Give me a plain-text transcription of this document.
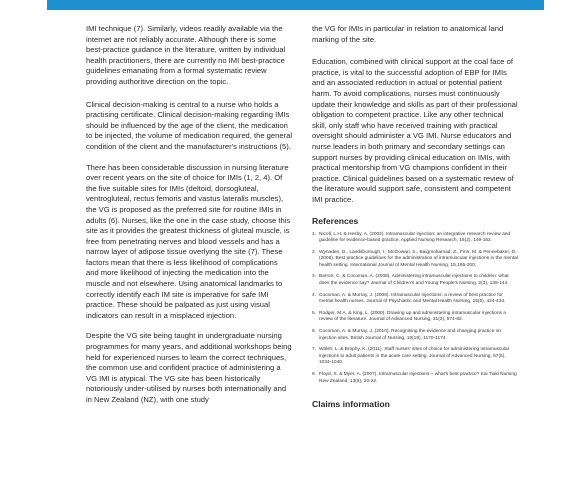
IMI technique (7). Similarly, videos readily available via the internet are not reliably accurate. Although there is some best-practice guidance in the literature, written by individual health practitioners, there are currently no IMI best-practice guidelines emanating from a formal systematic review providing authoritive direction on the topic.

Clinical decision-making is central to a nurse who holds a practising certificate. Clinical decision-making regarding IMIs should be influenced by the age of the client, the medication to be injected, the volume of medication required, the general condition of the client and the manufacturer's instructions (5).

There has been considerable discussion in nursing literature over recent years on the site of choice for IMIs (1, 2, 4). Of the five suitable sites for IMIs (deltoid, dorsogluteal, ventrogluteal, rectus femoris and vastus lateralis muscles), the VG is proposed as the preferred site for routine IMIs in adults (6). Nurses, like the one in the case study, choose this site as it provides the greatest thickness of gluteal muscle, is free from penetrating nerves and blood vessels and has a narrow layer of adipose tissue overlying the site (7). These factors mean that there is less likelihood of complications and more likelihood of injecting the medication into the muscle and not elsewhere. Using anatomical landmarks to correctly identify each IM site is imperative for safe IMI practice. These should be palpated as just using visual indicators can result in a misplaced injection.

Despite the VG site being taught in undergraduate nursing programmes for many years, and additional workshops being held for experienced nurses to learn the correct techniques, the common use and confident practice of administering a VG IMI is atypical. The VG site has been historically notoriously under-utilised by nurses both internationally and in New Zealand (NZ), with one study

the VG for IMIs in particular in relation to anatomical land marking of the site.

Education, combined with clinical support at the coal face of practice, is vital to the successful adoption of EBP for IMIs and an associated reduction in actual or potential patient harm. To avoid complications, nurses must continuously update their knowledge and skills as part of their professional obligation to competent practice. Like any other technical skill, only staff who have received training with practical oversight should administer a VG IMI. Nurse educators and nurse leaders in both primary and secondary settings can support nurses by providing clinical education on IMIs, with practical mentorship from VG champions confident in their practice. Clinical guidelines based on a systematic review of the literature would support safe, consistent and competent IMI practice.

References
1. Nicoll, L.H. & Hesby, A. (2002). Intramuscular injection: an integrative research review and guideline for evidence-based practice. Applied Nursing Research, 16(2), 149-162.
2. Wynaden, D., Landsborough, I., McGowan, S., Baigmohamad, Z., Finn, M. & Pennebaker, D. (2006). Best practice guidelines for the administration of intramuscular injections in the mental health setting. International Journal of Mental Health Nursing, 15,195-200.
3. Barron, C. & Cocoman, A. (2008). Administering intramuscular injections to children: what does the evidence say? Journal of Children's and Young People's Nursing, 2(3), 138-144.
4. Cocoman, A. & Murray, J. (2008). Intramuscular injections: a review of best practice for mental health nurses. Journal of Psychiatric and Mental Health Nursing, 15(5), 424-434.
5. Rodger, M.A. & King, L. (2000). Drawing up and administering intramuscular injections a review of the literature. Journal of Advanced Nursing, 31(3), 574-82.
6. Cocoman, A. & Murray, J. (2010). Recognising the evidence and changing practice on injection sites. British Journal of Nursing, 19(18), 1170-1174.
7. Walsh, L. & Brophy, K. (2011). Staff nurses' sites of choice for administering intramuscular injections to adult patients in the acute care setting. Journal of Advanced Nursing, 67(5), 1034-1040.
8. Floyd, S. & Myer, A. (2007). Intramuscular injections – what's best practice? Kai Tiaki Nursing New Zealand, 13(6), 20-22.
Claims information
